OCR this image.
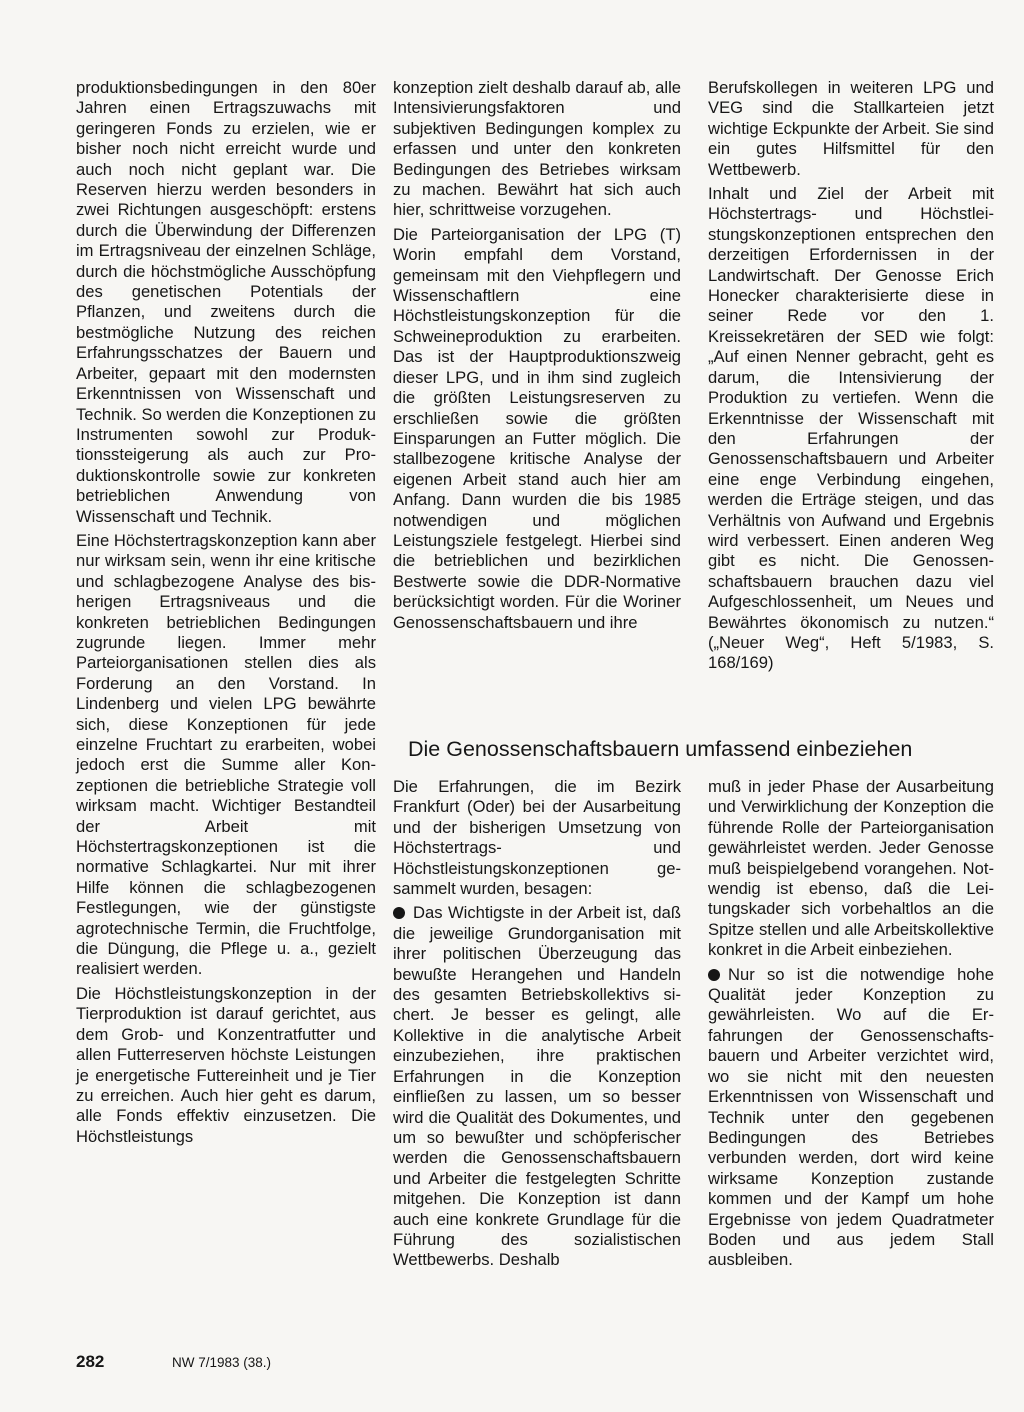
produktionsbedingungen in den 80er Jahren einen Ertragszuwachs mit geringeren Fonds zu erzielen, wie er bisher noch nicht erreicht wurde und auch noch nicht geplant war. Die Reserven hierzu werden besonders in zwei Richtungen ausgeschöpft: erstens durch die Überwindung der Differenzen im Ertragsniveau der einzelnen Schläge, durch die höchstmögliche Ausschöpfung des genetischen Potentials der Pflanzen, und zweitens durch die bestmögliche Nutzung des reichen Erfahrungsschatzes der Bauern und Arbeiter, gepaart mit den modernsten Erkenntnissen von Wissenschaft und Technik. So werden die Konzeptionen zu Instrumenten sowohl zur Produktionssteigerung als auch zur Produktionskontrolle sowie zur konkreten betrieblichen Anwendung von Wissenschaft und Technik.

Eine Höchstertragskonzeption kann aber nur wirksam sein, wenn ihr eine kritische und schlagbezogene Analyse des bisherigen Ertragsniveaus und die konkreten betrieblichen Bedingungen zugrunde liegen. Immer mehr Parteiorganisationen stellen dies als Forderung an den Vorstand. In Lindenberg und vielen LPG bewährte sich, diese Konzeptionen für jede einzelne Fruchtart zu erarbeiten, wobei jedoch erst die Summe aller Konzeptionen die betriebliche Strategie voll wirksam macht. Wichtiger Bestandteil der Arbeit mit Höchstertragskonzeptionen ist die normative Schlagkartei. Nur mit ihrer Hilfe können die schlagbezogenen Festlegungen, wie der günstigste agrotechnische Termin, die Fruchtfolge, die Düngung, die Pflege u. a., gezielt realisiert werden.

Die Höchstleistungskonzeption in der Tierproduktion ist darauf gerichtet, aus dem Grob- und Konzentratfutter und allen Futterreserven höchste Leistungen je energetische Futtereinheit und je Tier zu erreichen. Auch hier geht es darum, alle Fonds effektiv einzusetzen. Die Höchstleistungs

konzeption zielt deshalb darauf ab, alle Intensivierungsfaktoren und subjektiven Bedingungen komplex zu erfassen und unter den konkreten Bedingungen des Betriebes wirksam zu machen. Bewährt hat sich auch hier, schrittweise vorzugehen.

Die Parteiorganisation der LPG (T) Worin empfahl dem Vorstand, gemeinsam mit den Viehpflegern und Wissenschaftlern eine Höchstleistungskonzeption für die Schweineproduktion zu erarbeiten. Das ist der Hauptproduktionszweig dieser LPG, und in ihm sind zugleich die größten Leistungsreserven zu erschließen sowie die größten Einsparungen an Futter möglich. Die stallbezogene kritische Analyse der eigenen Arbeit stand auch hier am Anfang. Dann wurden die bis 1985 notwendigen und möglichen Leistungsziele festgelegt. Hierbei sind die betrieblichen und bezirklichen Bestwerte sowie die DDR-Normative berücksichtigt worden. Für die Woriner Genossenschaftsbauern und ihre

Berufskollegen in weiteren LPG und VEG sind die Stallkarteien jetzt wichtige Eckpunkte der Arbeit. Sie sind ein gutes Hilfsmittel für den Wettbewerb.

Inhalt und Ziel der Arbeit mit Höchstertrags- und Höchstleistungskonzeptionen entsprechen den derzeitigen Erfordernissen in der Landwirtschaft. Der Genosse Erich Honecker charakterisierte diese in seiner Rede vor den 1. Kreissekretären der SED wie folgt: „Auf einen Nenner gebracht, geht es darum, die Intensivierung der Produktion zu vertiefen. Wenn die Erkenntnisse der Wissenschaft mit den Erfahrungen der Genossenschaftsbauern und Arbeiter eine enge Verbindung eingehen, werden die Erträge steigen, und das Verhältnis von Aufwand und Ergebnis wird verbessert. Einen anderen Weg gibt es nicht. Die Genossenschaftsbauern brauchen dazu viel Aufgeschlossenheit, um Neues und Bewährtes ökonomisch zu nutzen.“ („Neuer Weg“, Heft 5/1983, S. 168/169)

Die Genossenschaftsbauern umfassend einbeziehen

Die Erfahrungen, die im Bezirk Frankfurt (Oder) bei der Ausarbeitung und der bisherigen Umsetzung von Höchstertrags- und Höchstleistungskonzeptionen gesammelt wurden, besagen:

Das Wichtigste in der Arbeit ist, daß die jeweilige Grundorganisation mit ihrer politischen Überzeugung das bewußte Herangehen und Handeln des gesamten Betriebskollektivs sichert. Je besser es gelingt, alle Kollektive in die analytische Arbeit einzubeziehen, ihre praktischen Erfahrungen in die Konzeption einfließen zu lassen, um so besser wird die Qualität des Dokumentes, und um so bewußter und schöpferischer werden die Genossenschaftsbauern und Arbeiter die festgelegten Schritte mitgehen. Die Konzeption ist dann auch eine konkrete Grundlage für die Führung des sozialistischen Wettbewerbs. Deshalb

muß in jeder Phase der Ausarbeitung und Verwirklichung der Konzeption die führende Rolle der Parteiorganisation gewährleistet werden. Jeder Genosse muß beispielgebend vorangehen. Notwendig ist ebenso, daß die Leitungskader sich vorbehaltlos an die Spitze stellen und alle Arbeitskollektive konkret in die Arbeit einbeziehen.

Nur so ist die notwendige hohe Qualität jeder Konzeption zu gewährleisten. Wo auf die Erfahrungen der Genossenschaftsbauern und Arbeiter verzichtet wird, wo sie nicht mit den neuesten Erkenntnissen von Wissenschaft und Technik unter den gegebenen Bedingungen des Betriebes verbunden werden, dort wird keine wirksame Konzeption zustande kommen und der Kampf um hohe Ergebnisse von jedem Quadratmeter Boden und aus jedem Stall ausbleiben.

282	NW 7/1983 (38.)
